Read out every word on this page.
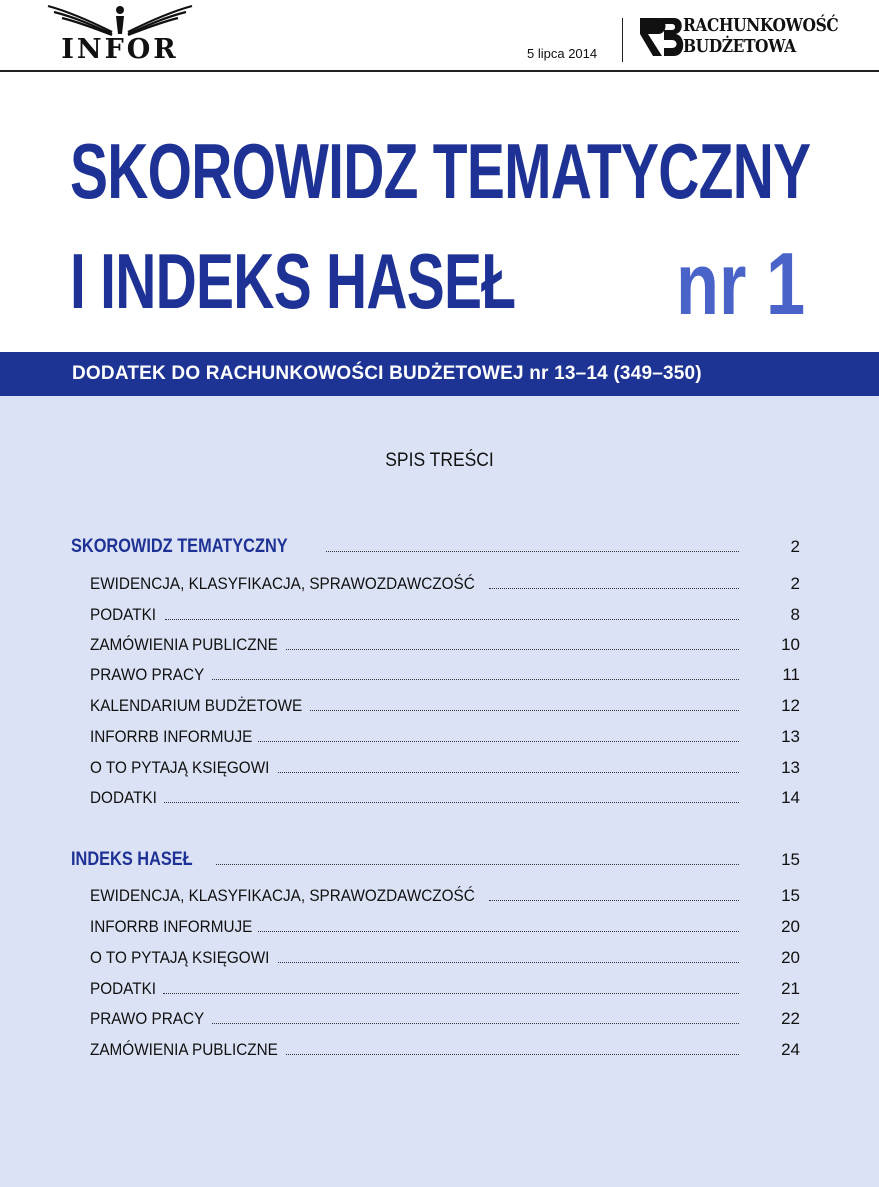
INFOR	5 lipca 2014
RACHUNKOWOŚĆ
BUDŻETOWA
SKOROWIDZ TEMATYCZNY
I INDEKS HASEŁ	nr 1
DODATEK DO RACHUNKOWOŚCI BUDŻETOWEJ nr 13–14 (349–350)
SPIS TREŚCI
SKOROWIDZ TEMATYCZNY	2
EWIDENCJA, KLASYFIKACJA, SPRAWOZDAWCZOŚĆ	2
PODATKI	8
ZAMÓWIENIA PUBLICZNE	10
PRAWO PRACY	11
KALENDARIUM BUDŻETOWE	12
INFORRB INFORMUJE	13
O TO PYTAJĄ KSIĘGOWI	13
DODATKI	14
INDEKS HASEŁ	15
EWIDENCJA, KLASYFIKACJA, SPRAWOZDAWCZOŚĆ	15
INFORRB INFORMUJE	20
O TO PYTAJĄ KSIĘGOWI	20
PODATKI	21
PRAWO PRACY	22
ZAMÓWIENIA PUBLICZNE	24
